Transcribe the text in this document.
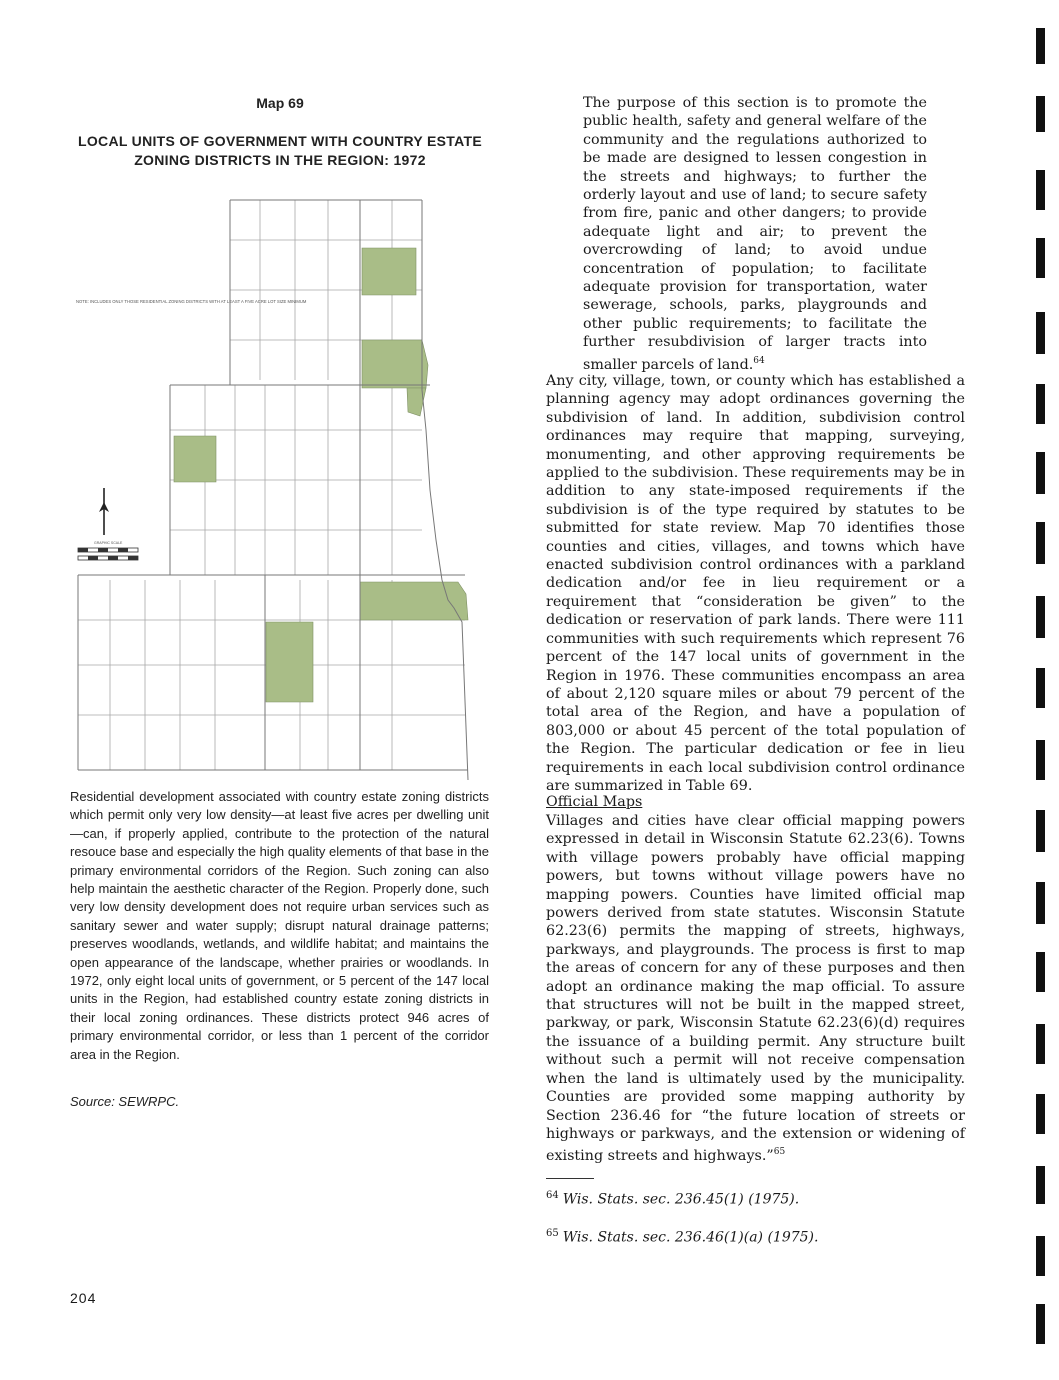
Map 69
LOCAL UNITS OF GOVERNMENT WITH COUNTRY ESTATE ZONING DISTRICTS IN THE REGION: 1972
GRAPHIC SCALE
NOTE: INCLUDES ONLY THOSE RESIDENTIAL ZONING DISTRICTS WITH AT LEAST A FIVE ACRE LOT SIZE MINIMUM
Residential development associated with country estate zoning districts which permit only very low density—at least five acres per dwelling unit—can, if properly applied, contribute to the protection of the natural resouce base and especially the high quality elements of that base in the primary environmental corridors of the Region. Such zoning can also help maintain the aesthetic character of the Region. Properly done, such very low density development does not require urban services such as sanitary sewer and water supply; disrupt natural drainage patterns; preserves woodlands, wetlands, and wildlife habitat; and maintains the open appearance of the landscape, whether prairies or woodlands. In 1972, only eight local units of government, or 5 percent of the 147 local units in the Region, had established country estate zoning districts in their local zoning ordinances. These districts protect 946 acres of primary environmental corridor, or less than 1 percent of the corridor area in the Region.
Source: SEWRPC.

The purpose of this section is to promote the public health, safety and general welfare of the community and the regulations authorized to be made are designed to lessen congestion in the streets and highways; to further the orderly layout and use of land; to secure safety from fire, panic and other dangers; to provide adequate light and air; to prevent the overcrowding of land; to avoid undue concentration of population; to facilitate adequate provision for transportation, water sewerage, schools, parks, playgrounds and other public requirements; to facilitate the further resubdivision of larger tracts into smaller parcels of land.$^{64}$

Any city, village, town, or county which has established a planning agency may adopt ordinances governing the subdivision of land. In addition, subdivision control ordinances may require that mapping, surveying, monumenting, and other approving requirements be applied to the subdivision. These requirements may be in addition to any state-imposed requirements if the subdivision is of the type required by statutes to be submitted for state review. Map 70 identifies those counties and cities, villages, and towns which have enacted subdivision control ordinances with a parkland dedication and/or fee in lieu requirement or a requirement that “consideration be given” to the dedication or reservation of park lands. There were 111 communities with such requirements which represent 76 percent of the 147 local units of government in the Region in 1976. These communities encompass an area of about 2,120 square miles or about 79 percent of the total area of the Region, and have a population of 803,000 or about 45 percent of the total population of the Region. The particular dedication or fee in lieu requirements in each local subdivision control ordinance are summarized in Table 69.

Official Maps

Villages and cities have clear official mapping powers expressed in detail in Wisconsin Statute 62.23(6). Towns with village powers probably have official mapping powers, but towns without village powers have no mapping powers. Counties have limited official map powers derived from state statutes. Wisconsin Statute 62.23(6) permits the mapping of streets, highways, parkways, and playgrounds. The process is first to map the areas of concern for any of these purposes and then adopt an ordinance making the map official. To assure that structures will not be built in the mapped street, parkway, or park, Wisconsin Statute 62.23(6)(d) requires the issuance of a building permit. Any structure built without such a permit will not receive compensation when the land is ultimately used by the municipality. Counties are provided some mapping authority by Section 236.46 for “the future location of streets or highways or parkways, and the extension or widening of existing streets and highways.”$^{65}$

$^{64}$ Wis. Stats. sec. 236.45(1) (1975).
$^{65}$ Wis. Stats. sec. 236.46(1)(a) (1975).
204
